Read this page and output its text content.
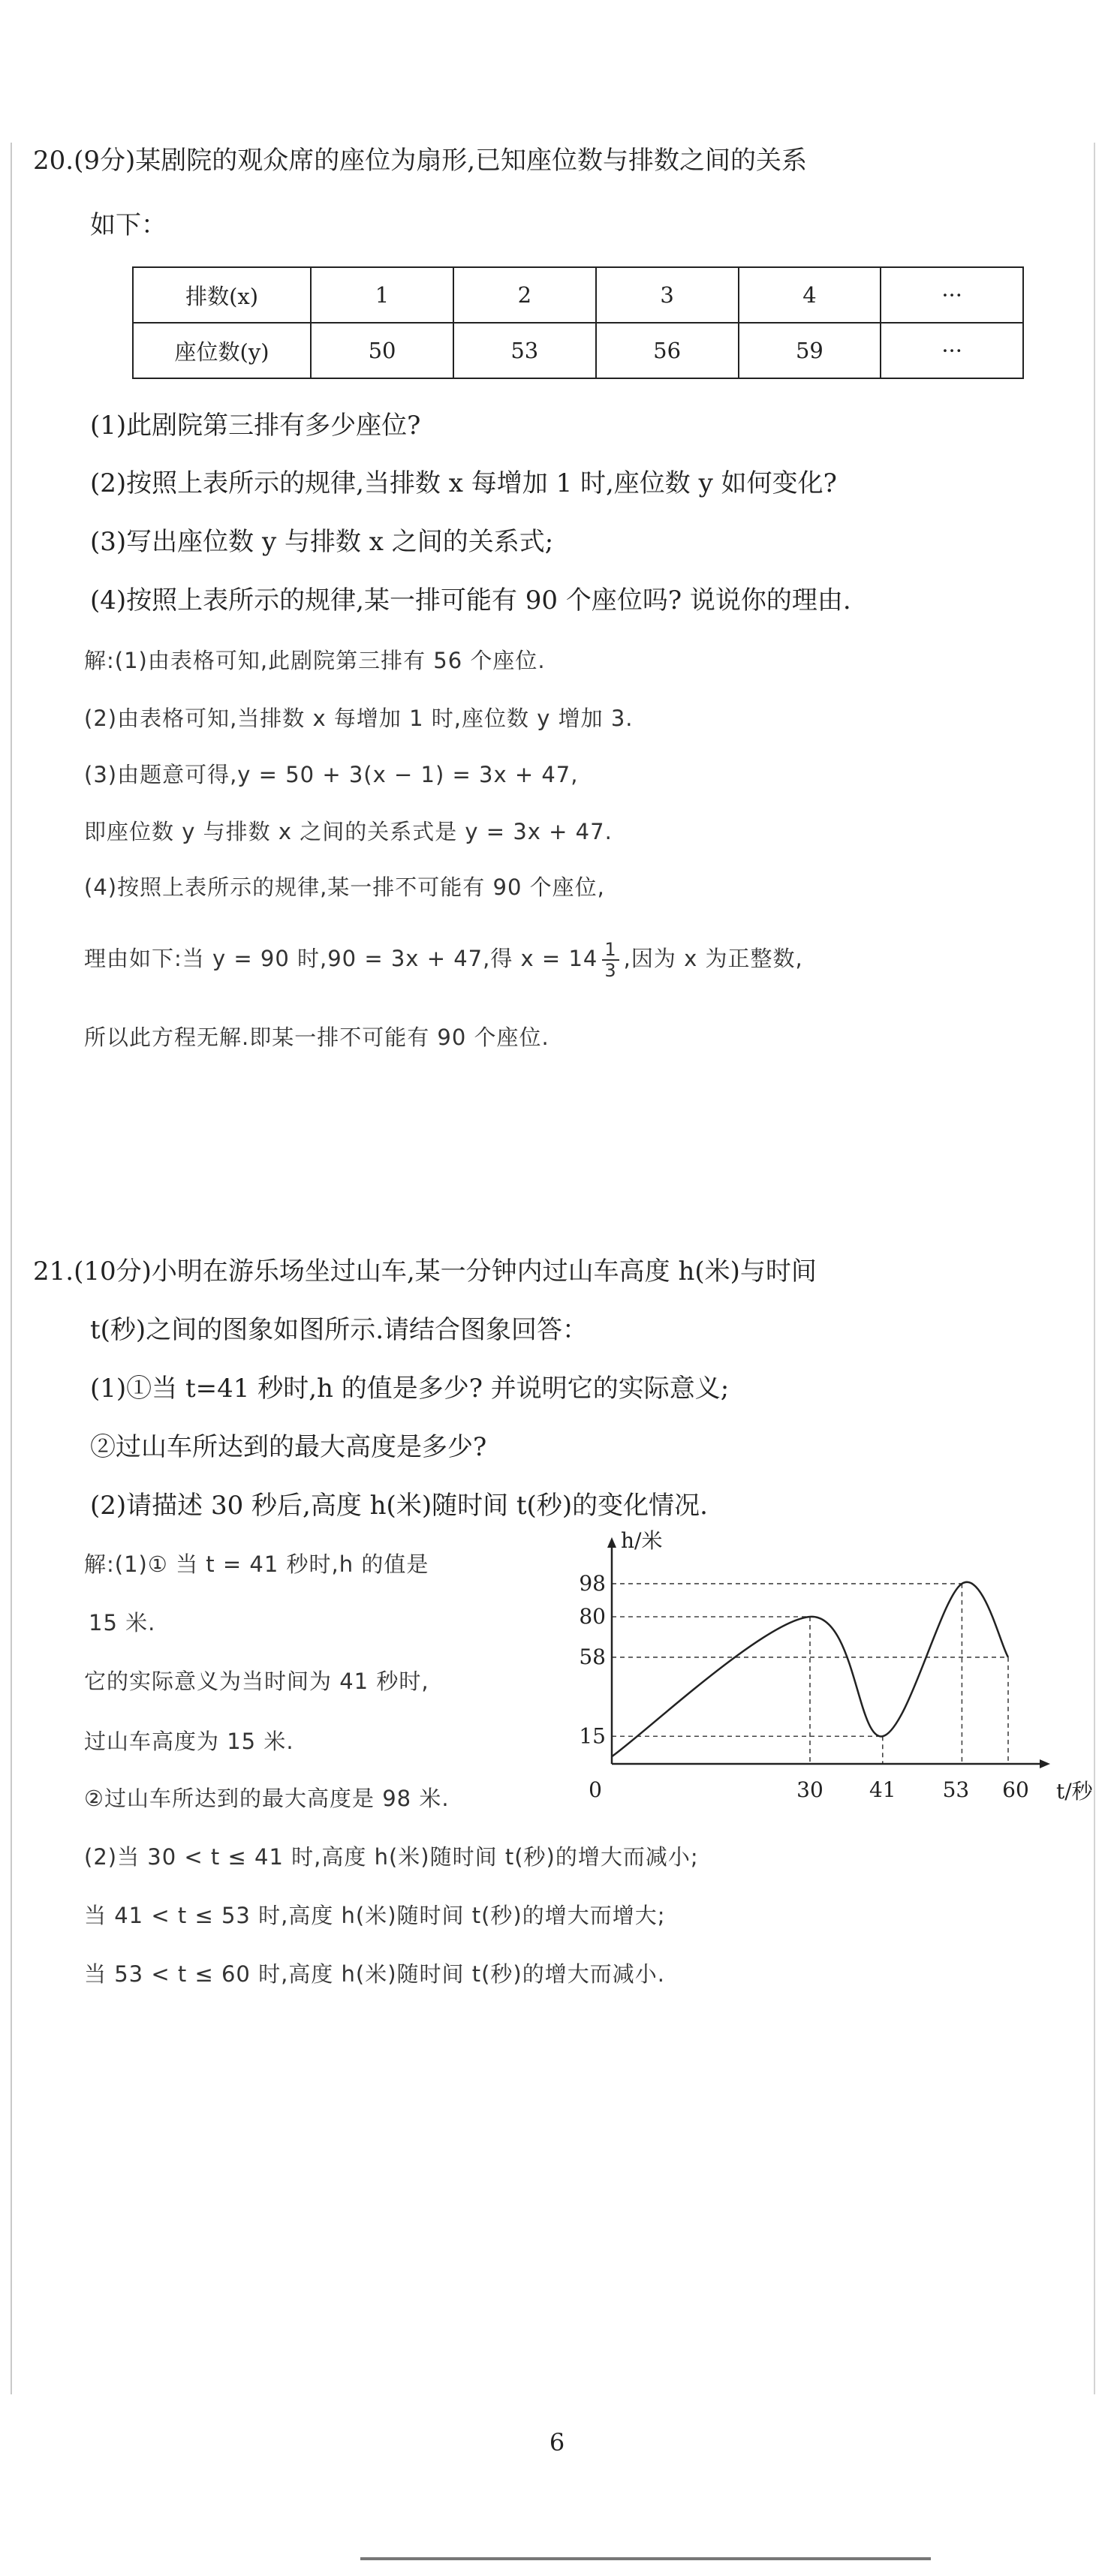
20.(9分)某剧院的观众席的座位为扇形,已知座位数与排数之间的关系
如下：
排数(x)	1	2	3	4	···
座位数(y)	50	53	56	59	···
(1)此剧院第三排有多少座位?
(2)按照上表所示的规律,当排数 x 每增加 1 时,座位数 y 如何变化?
(3)写出座位数 y 与排数 x 之间的关系式;
(4)按照上表所示的规律,某一排可能有 90 个座位吗? 说说你的理由.
解:(1)由表格可知,此剧院第三排有 56 个座位.
(2)由表格可知,当排数 x 每增加 1 时,座位数 y 增加 3.
(3)由题意可得,y = 50 + 3(x − 1) = 3x + 47,
即座位数 y 与排数 x 之间的关系式是 y = 3x + 47.
(4)按照上表所示的规律,某一排不可能有 90 个座位,
理由如下:当 y = 90 时,90 = 3x + 47,得 $x = 14 \frac{1}{3}$ ,因为 x 为正整数,
所以此方程无解.即某一排不可能有 90 个座位.
21.(10分)小明在游乐场坐过山车,某一分钟内过山车高度 h(米)与时间
t(秒)之间的图象如图所示.请结合图象回答：
(1)①当 t=41 秒时,h 的值是多少? 并说明它的实际意义;
②过山车所达到的最大高度是多少?
(2)请描述 30 秒后,高度 h(米)随时间 t(秒)的变化情况.
解:(1)① 当 t = 41 秒时,h 的值是
15 米.
它的实际意义为当时间为 41 秒时,
过山车高度为 15 米.
②过山车所达到的最大高度是 98 米.
15
58
80
98
30 41 53 60
0	t/秒
h/米
(2)当 30 < t ≤ 41 时,高度 h(米)随时间 t(秒)的增大而减小;
当 41 < t ≤ 53 时,高度 h(米)随时间 t(秒)的增大而增大;
当 53 < t ≤ 60 时,高度 h(米)随时间 t(秒)的增大而减小.
6
